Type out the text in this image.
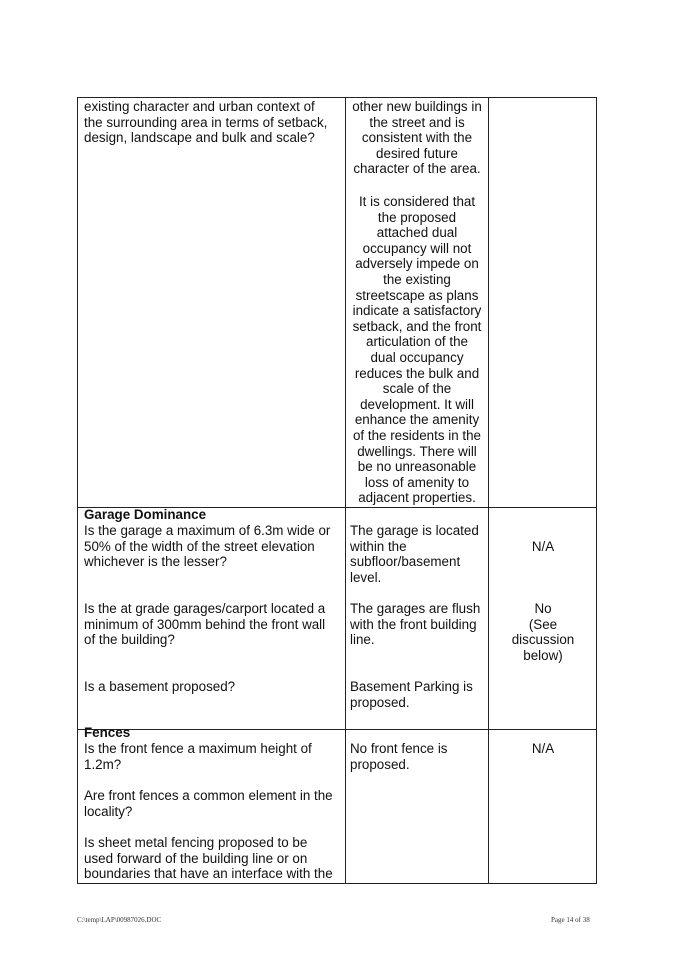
existing character and urban context of
the surrounding area in terms of setback,
design, landscape and bulk and scale?
other new buildings in
the street and is
consistent with the
desired future
character of the area.
It is considered that
the proposed
attached dual
occupancy will not
adversely impede on
the existing
streetscape as plans
indicate a satisfactory
setback, and the front
articulation of the
dual occupancy
reduces the bulk and
scale of the
development. It will
enhance the amenity
of the residents in the
dwellings. There will
be no unreasonable
loss of amenity to
adjacent properties.
Garage Dominance
Is the garage a maximum of 6.3m wide or
50% of the width of the street elevation
whichever is the lesser?
The garage is located
within the
subfloor/basement
level.
N/A
Is the at grade garages/carport located a
minimum of 300mm behind the front wall
of the building?
The garages are flush
with the front building
line.
No
(See
discussion
below)
Is a basement proposed?	Basement Parking is
proposed.
Fences
Is the front fence a maximum height of
1.2m?
No front fence is
proposed.
N/A
Are front fences a common element in the
locality?
Is sheet metal fencing proposed to be
used forward of the building line or on
boundaries that have an interface with the
C:\temp\LAP\00987026.DOC	Page 14 of 38
